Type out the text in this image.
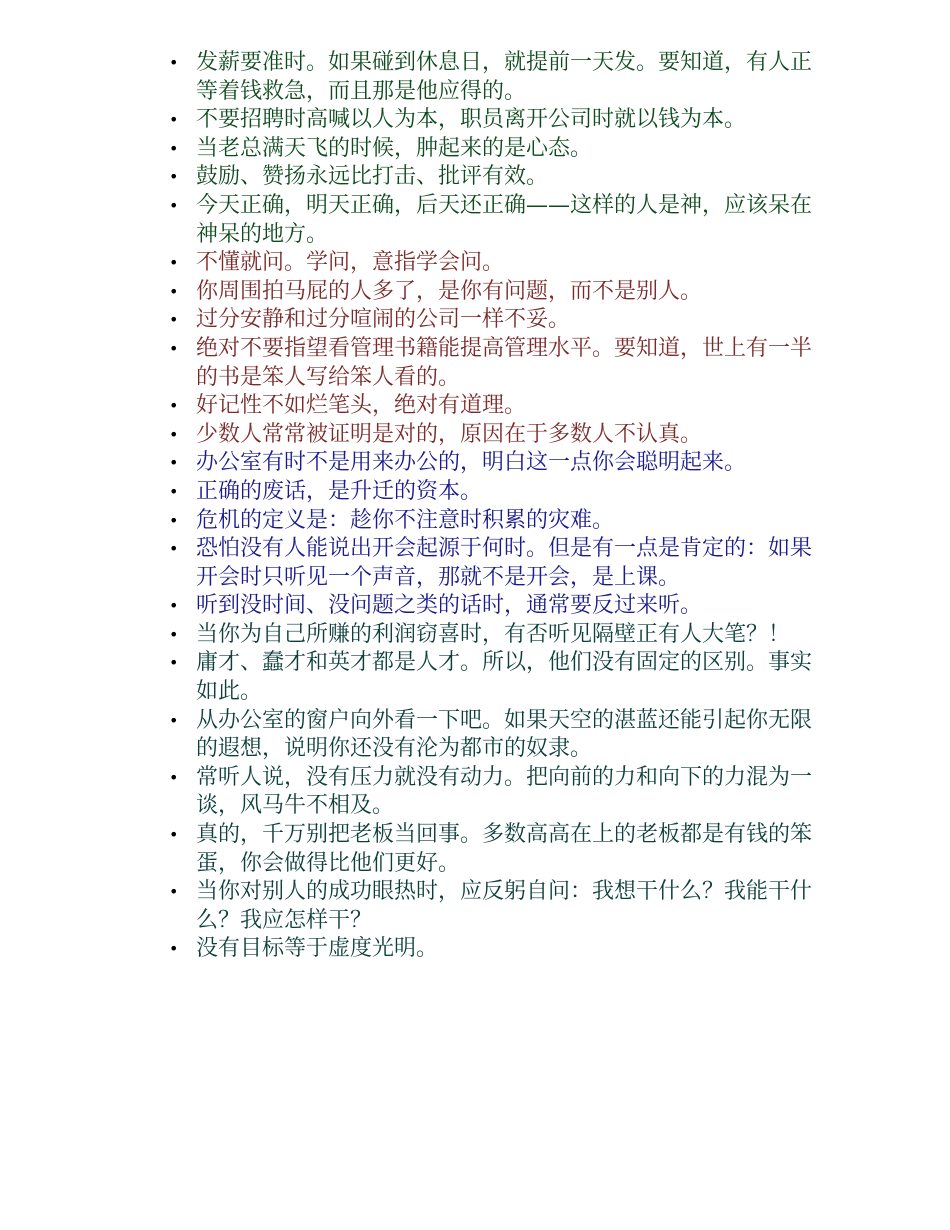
• 发薪要准时。如果碰到休息日，就提前一天发。要知道，有人正等着钱救急，而且那是他应得的。
• 不要招聘时高喊以人为本，职员离开公司时就以钱为本。
• 当老总满天飞的时候，肿起来的是心态。
• 鼓励、赞扬永远比打击、批评有效。
• 今天正确，明天正确，后天还正确——这样的人是神，应该呆在神呆的地方。
• 不懂就问。学问，意指学会问。
• 你周围拍马屁的人多了，是你有问题，而不是别人。
• 过分安静和过分喧闹的公司一样不妥。
• 绝对不要指望看管理书籍能提高管理水平。要知道，世上有一半的书是笨人写给笨人看的。
• 好记性不如烂笔头，绝对有道理。
• 少数人常常被证明是对的，原因在于多数人不认真。
• 办公室有时不是用来办公的，明白这一点你会聪明起来。
• 正确的废话，是升迁的资本。
• 危机的定义是：趁你不注意时积累的灾难。
• 恐怕没有人能说出开会起源于何时。但是有一点是肯定的：如果开会时只听见一个声音，那就不是开会，是上课。
• 听到没时间、没问题之类的话时，通常要反过来听。
• 当你为自己所赚的利润窃喜时，有否听见隔壁正有人大笔？！
• 庸才、蠢才和英才都是人才。所以，他们没有固定的区别。事实如此。
• 从办公室的窗户向外看一下吧。如果天空的湛蓝还能引起你无限的遐想，说明你还没有沦为都市的奴隶。
• 常听人说，没有压力就没有动力。把向前的力和向下的力混为一谈，风马牛不相及。
• 真的，千万别把老板当回事。多数高高在上的老板都是有钱的笨蛋，你会做得比他们更好。
• 当你对别人的成功眼热时，应反躬自问：我想干什么？我能干什么？我应怎样干？
• 没有目标等于虚度光明。
